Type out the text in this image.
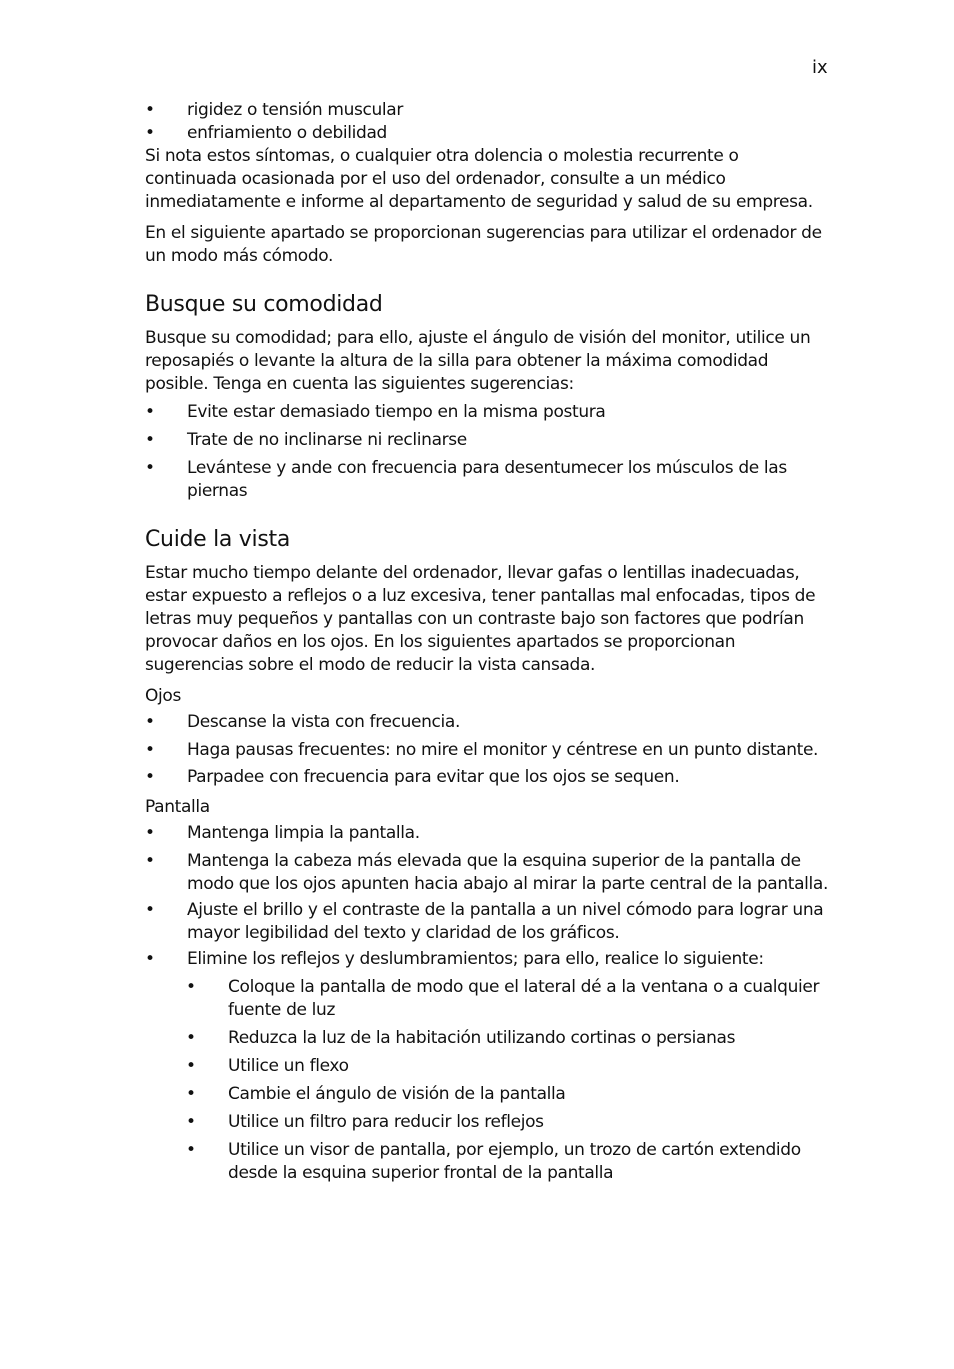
ix
• rigidez o tensión muscular
• enfriamiento o debilidad

Si nota estos síntomas, o cualquier otra dolencia o molestia recurrente o continuada ocasionada por el uso del ordenador, consulte a un médico inmediatamente e informe al departamento de seguridad y salud de su empresa.

En el siguiente apartado se proporcionan sugerencias para utilizar el ordenador de un modo más cómodo.

Busque su comodidad

Busque su comodidad; para ello, ajuste el ángulo de visión del monitor, utilice un reposapiés o levante la altura de la silla para obtener la máxima comodidad posible. Tenga en cuenta las siguientes sugerencias:

• Evite estar demasiado tiempo en la misma postura
• Trate de no inclinarse ni reclinarse
• Levántese y ande con frecuencia para desentumecer los músculos de las piernas
Cuide la vista

Estar mucho tiempo delante del ordenador, llevar gafas o lentillas inadecuadas, estar expuesto a reflejos o a luz excesiva, tener pantallas mal enfocadas, tipos de letras muy pequeños y pantallas con un contraste bajo son factores que podrían provocar daños en los ojos. En los siguientes apartados se proporcionan sugerencias sobre el modo de reducir la vista cansada.

Ojos
• Descanse la vista con frecuencia.
• Haga pausas frecuentes: no mire el monitor y céntrese en un punto distante.
• Parpadee con frecuencia para evitar que los ojos se sequen.
Pantalla
• Mantenga limpia la pantalla.
• Mantenga la cabeza más elevada que la esquina superior de la pantalla de modo que los ojos apunten hacia abajo al mirar la parte central de la pantalla.
• Ajuste el brillo y el contraste de la pantalla a un nivel cómodo para lograr una mayor legibilidad del texto y claridad de los gráficos.
• Elimine los reflejos y deslumbramientos; para ello, realice lo siguiente:
• Coloque la pantalla de modo que el lateral dé a la ventana o a cualquier fuente de luz
• Reduzca la luz de la habitación utilizando cortinas o persianas
• Utilice un flexo
• Cambie el ángulo de visión de la pantalla
• Utilice un filtro para reducir los reflejos
• Utilice un visor de pantalla, por ejemplo, un trozo de cartón extendido desde la esquina superior frontal de la pantalla
